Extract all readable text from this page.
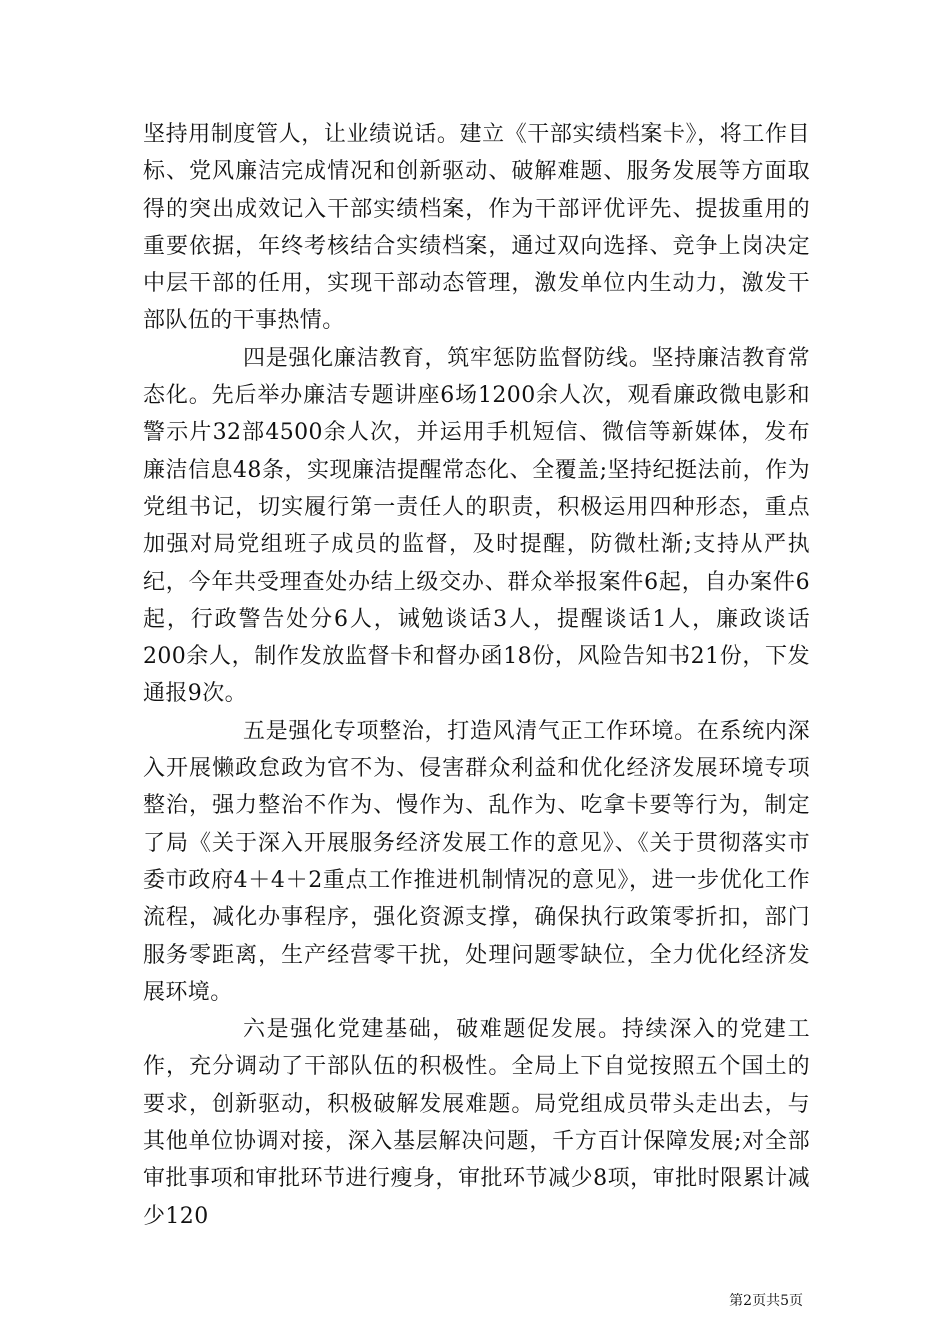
坚持用制度管人，让业绩说话。建立《干部实绩档案卡》，将工作目标、党风廉洁完成情况和创新驱动、破解难题、服务发展等方面取得的突出成效记入干部实绩档案，作为干部评优评先、提拔重用的重要依据，年终考核结合实绩档案，通过双向选择、竞争上岗决定中层干部的任用，实现干部动态管理，激发单位内生动力，激发干部队伍的干事热情。

四是强化廉洁教育，筑牢惩防监督防线。坚持廉洁教育常态化。先后举办廉洁专题讲座6场1200余人次，观看廉政微电影和警示片32部4500余人次，并运用手机短信、微信等新媒体，发布廉洁信息48条，实现廉洁提醒常态化、全覆盖;坚持纪挺法前，作为党组书记，切实履行第一责任人的职责，积极运用四种形态，重点加强对局党组班子成员的监督，及时提醒，防微杜渐;支持从严执纪，今年共受理查处办结上级交办、群众举报案件6起，自办案件6起，行政警告处分6人，诫勉谈话3人，提醒谈话1人，廉政谈话200余人，制作发放监督卡和督办函18份，风险告知书21份，下发通报9次。

五是强化专项整治，打造风清气正工作环境。在系统内深入开展懒政怠政为官不为、侵害群众利益和优化经济发展环境专项整治，强力整治不作为、慢作为、乱作为、吃拿卡要等行为，制定了局《关于深入开展服务经济发展工作的意见》、《关于贯彻落实市委市政府4＋4＋2重点工作推进机制情况的意见》，进一步优化工作流程，减化办事程序，强化资源支撑，确保执行政策零折扣，部门服务零距离，生产经营零干扰，处理问题零缺位，全力优化经济发展环境。

六是强化党建基础，破难题促发展。持续深入的党建工作，充分调动了干部队伍的积极性。全局上下自觉按照五个国土的要求，创新驱动，积极破解发展难题。局党组成员带头走出去，与其他单位协调对接，深入基层解决问题，千方百计保障发展;对全部审批事项和审批环节进行瘦身，审批环节减少8项，审批时限累计减少120

第2页共5页
